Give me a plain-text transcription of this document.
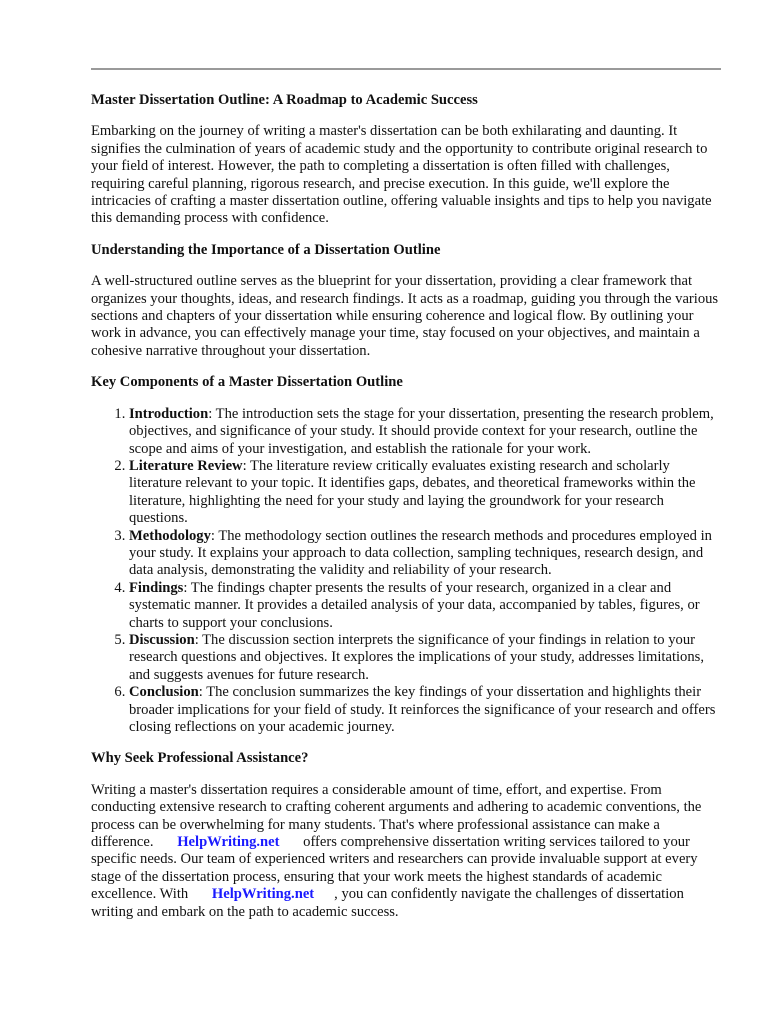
Master Dissertation Outline: A Roadmap to Academic Success

Embarking on the journey of writing a master's dissertation can be both exhilarating and daunting. It signifies the culmination of years of academic study and the opportunity to contribute original research to your field of interest. However, the path to completing a dissertation is often filled with challenges, requiring careful planning, rigorous research, and precise execution. In this guide, we'll explore the intricacies of crafting a master dissertation outline, offering valuable insights and tips to help you navigate this demanding process with confidence.

Understanding the Importance of a Dissertation Outline

A well-structured outline serves as the blueprint for your dissertation, providing a clear framework that organizes your thoughts, ideas, and research findings. It acts as a roadmap, guiding you through the various sections and chapters of your dissertation while ensuring coherence and logical flow. By outlining your work in advance, you can effectively manage your time, stay focused on your objectives, and maintain a cohesive narrative throughout your dissertation.

Key Components of a Master Dissertation Outline
1. Introduction: The introduction sets the stage for your dissertation, presenting the research problem, objectives, and significance of your study. It should provide context for your research, outline the scope and aims of your investigation, and establish the rationale for your work.
2. Literature Review: The literature review critically evaluates existing research and scholarly literature relevant to your topic. It identifies gaps, debates, and theoretical frameworks within the literature, highlighting the need for your study and laying the groundwork for your research questions.
3. Methodology: The methodology section outlines the research methods and procedures employed in your study. It explains your approach to data collection, sampling techniques, research design, and data analysis, demonstrating the validity and reliability of your research.
4. Findings: The findings chapter presents the results of your research, organized in a clear and systematic manner. It provides a detailed analysis of your data, accompanied by tables, figures, or charts to support your conclusions.
5. Discussion: The discussion section interprets the significance of your findings in relation to your research questions and objectives. It explores the implications of your study, addresses limitations, and suggests avenues for future research.
6. Conclusion: The conclusion summarizes the key findings of your dissertation and highlights their broader implications for your field of study. It reinforces the significance of your research and offers closing reflections on your academic journey.
Why Seek Professional Assistance?

Writing a master's dissertation requires a considerable amount of time, effort, and expertise. From conducting extensive research to crafting coherent arguments and adhering to academic conventions, the process can be overwhelming for many students. That's where professional assistance can make a difference. HelpWriting.net offers comprehensive dissertation writing services tailored to your specific needs. Our team of experienced writers and researchers can provide invaluable support at every stage of the dissertation process, ensuring that your work meets the highest standards of academic excellence. With HelpWriting.net , you can confidently navigate the challenges of dissertation writing and embark on the path to academic success.
